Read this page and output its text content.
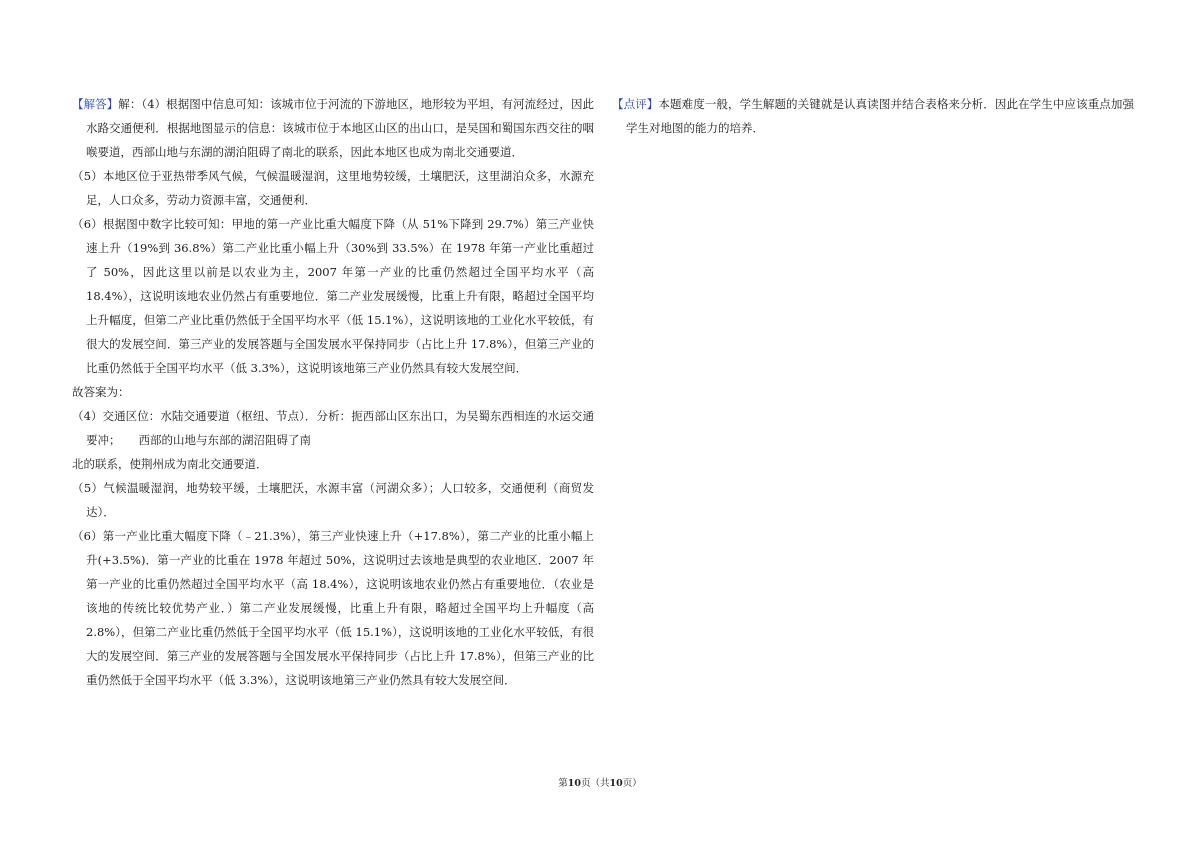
【解答】解：（4）根据图中信息可知：该城市位于河流的下游地区，地形较为平坦，有河流经过，因此水路交通便利．根据地图显示的信息：该城市位于本地区山区的出山口，是吴国和蜀国东西交往的咽喉要道，西部山地与东湖的湖泊阻碍了南北的联系，因此本地区也成为南北交通要道．

（5）本地区位于亚热带季风气候，气候温暖湿润，这里地势较缓，土壤肥沃，这里湖泊众多，水源充足，人口众多，劳动力资源丰富，交通便利．

（6）根据图中数字比较可知：甲地的第一产业比重大幅度下降（从 51%下降到 29.7%）第三产业快速上升（19%到 36.8%）第二产业比重小幅上升（30%到 33.5%）在 1978 年第一产业比重超过了 50%，因此这里以前是以农业为主，2007 年第一产业的比重仍然超过全国平均水平（高 18.4%），这说明该地农业仍然占有重要地位．第二产业发展缓慢，比重上升有限，略超过全国平均上升幅度，但第二产业比重仍然低于全国平均水平（低 15.1%），这说明该地的工业化水平较低，有很大的发展空间．第三产业的发展答题与全国发展水平保持同步（占比上升 17.8%），但第三产业的比重仍然低于全国平均水平（低 3.3%），这说明该地第三产业仍然具有较大发展空间．

故答案为：

（4）交通区位：水陆交通要道（枢纽、节点）．分析：扼西部山区东出口，为吴蜀东西相连的水运交通要冲； 西部的山地与东部的湖沼阻碍了南

北的联系，使荆州成为南北交通要道．

（5）气候温暖湿润，地势较平缓，土壤肥沃，水源丰富（河湖众多）；人口较多，交通便利（商贸发达）．

（6）第一产业比重大幅度下降（﹣21.3%），第三产业快速上升（+17.8%），第二产业的比重小幅上升(+3.5%)．第一产业的比重在 1978 年超过 50%，这说明过去该地是典型的农业地区．2007 年第一产业的比重仍然超过全国平均水平（高 18.4%），这说明该地农业仍然占有重要地位．（农业是该地的传统比较优势产业．）第二产业发展缓慢，比重上升有限，略超过全国平均上升幅度（高 2.8%），但第二产业比重仍然低于全国平均水平（低 15.1%），这说明该地的工业化水平较低，有很大的发展空间．第三产业的发展答题与全国发展水平保持同步（占比上升 17.8%），但第三产业的比重仍然低于全国平均水平（低 3.3%），这说明该地第三产业仍然具有较大发展空间．

【点评】本题难度一般，学生解题的关键就是认真读图并结合表格来分析．因此在学生中应该重点加强学生对地图的能力的培养．

第10页（共10页）
